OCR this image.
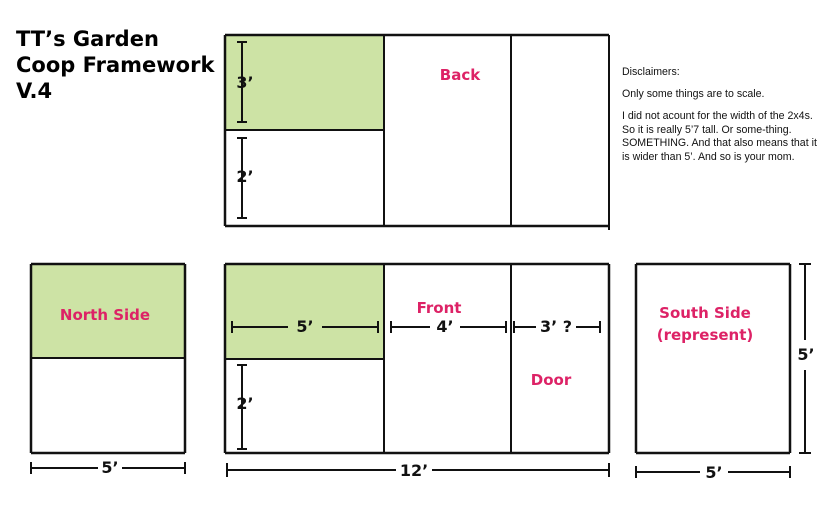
TT’s Garden
Coop Framework
V.4

Disclaimers:

Only some things are to scale.

I did not acount for the width of the 2x4s. So it is really 5’7 tall. Or some-thing. SOMETHING. And that also means that it is wider than 5’. And so is your mom.

Back
3’
2’
North Side
5’
Front
5’	4’	3’ ?
2’
Door
12’
South Side
(represent)
5’
5’
